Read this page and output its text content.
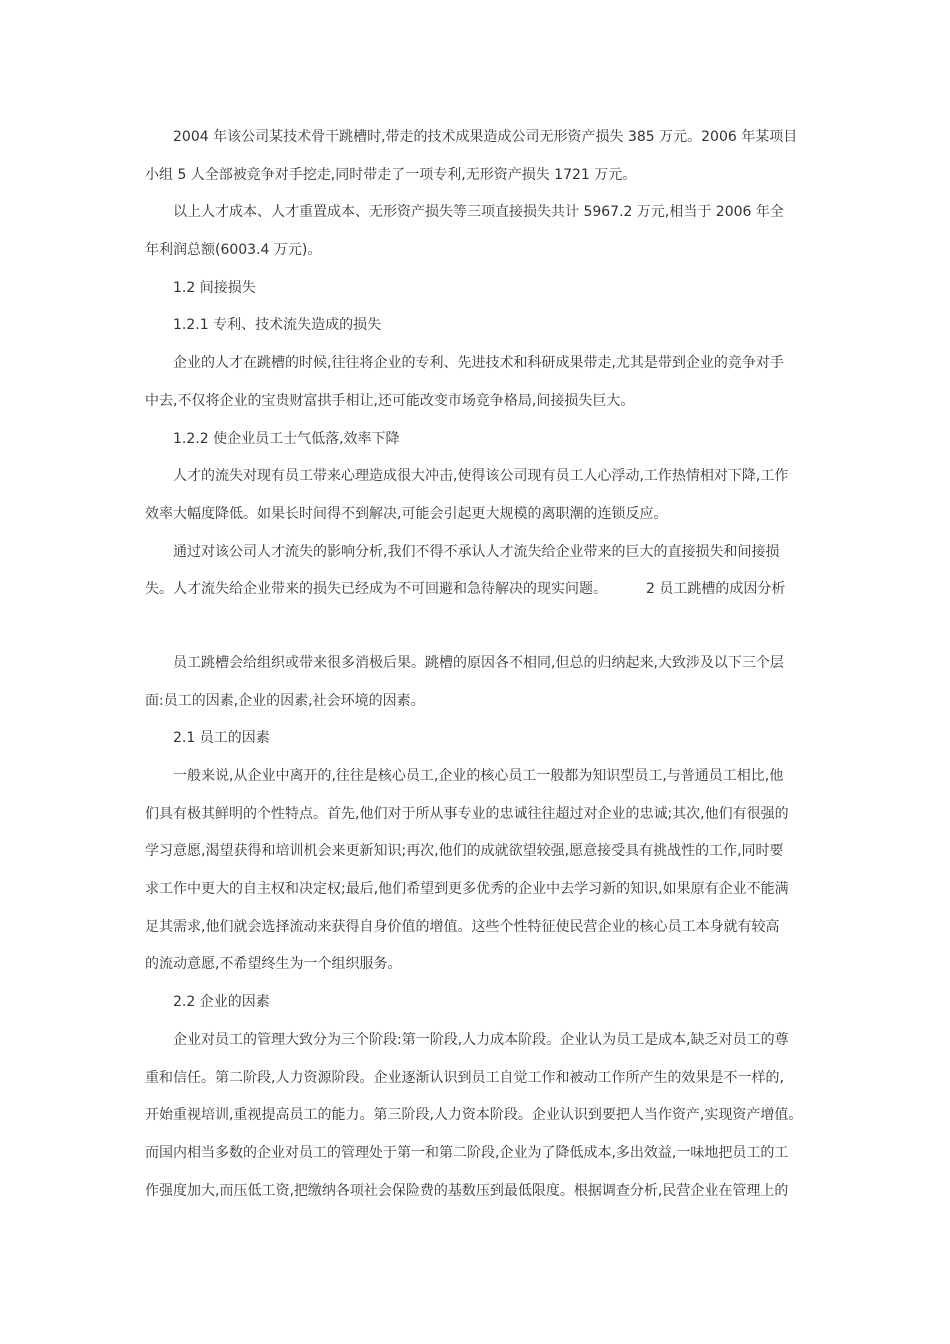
2004 年该公司某技术骨干跳槽时,带走的技术成果造成公司无形资产损失 385 万元。2006 年某项目
小组 5 人全部被竞争对手挖走,同时带走了一项专利,无形资产损失 1721 万元。
以上人才成本、人才重置成本、无形资产损失等三项直接损失共计 5967.2 万元,相当于 2006 年全
年利润总额(6003.4 万元)。
1.2 间接损失
1.2.1 专利、技术流失造成的损失
企业的人才在跳槽的时候,往往将企业的专利、先进技术和科研成果带走,尤其是带到企业的竞争对手
中去,不仅将企业的宝贵财富拱手相让,还可能改变市场竞争格局,间接损失巨大。
1.2.2 使企业员工士气低落,效率下降
人才的流失对现有员工带来心理造成很大冲击,使得该公司现有员工人心浮动,工作热情相对下降,工作
效率大幅度降低。如果长时间得不到解决,可能会引起更大规模的离职潮的连锁反应。
通过对该公司人才流失的影响分析,我们不得不承认人才流失给企业带来的巨大的直接损失和间接损
失。人才流失给企业带来的损失已经成为不可回避和急待解决的现实问题。	2 员工跳槽的成因分析
员工跳槽会给组织或带来很多消极后果。跳槽的原因各不相同,但总的归纳起来,大致涉及以下三个层
面:员工的因素,企业的因素,社会环境的因素。
2.1 员工的因素
一般来说,从企业中离开的,往往是核心员工,企业的核心员工一般都为知识型员工,与普通员工相比,他
们具有极其鲜明的个性特点。首先,他们对于所从事专业的忠诚往往超过对企业的忠诚;其次,他们有很强的
学习意愿,渴望获得和培训机会来更新知识;再次,他们的成就欲望较强,愿意接受具有挑战性的工作,同时要
求工作中更大的自主权和决定权;最后,他们希望到更多优秀的企业中去学习新的知识,如果原有企业不能满
足其需求,他们就会选择流动来获得自身价值的增值。这些个性特征使民营企业的核心员工本身就有较高
的流动意愿,不希望终生为一个组织服务。
2.2 企业的因素
企业对员工的管理大致分为三个阶段:第一阶段,人力成本阶段。企业认为员工是成本,缺乏对员工的尊
重和信任。第二阶段,人力资源阶段。企业逐渐认识到员工自觉工作和被动工作所产生的效果是不一样的,
开始重视培训,重视提高员工的能力。第三阶段,人力资本阶段。企业认识到要把人当作资产,实现资产增值。
而国内相当多数的企业对员工的管理处于第一和第二阶段,企业为了降低成本,多出效益,一味地把员工的工
作强度加大,而压低工资,把缴纳各项社会保险费的基数压到最低限度。根据调查分析,民营企业在管理上的
